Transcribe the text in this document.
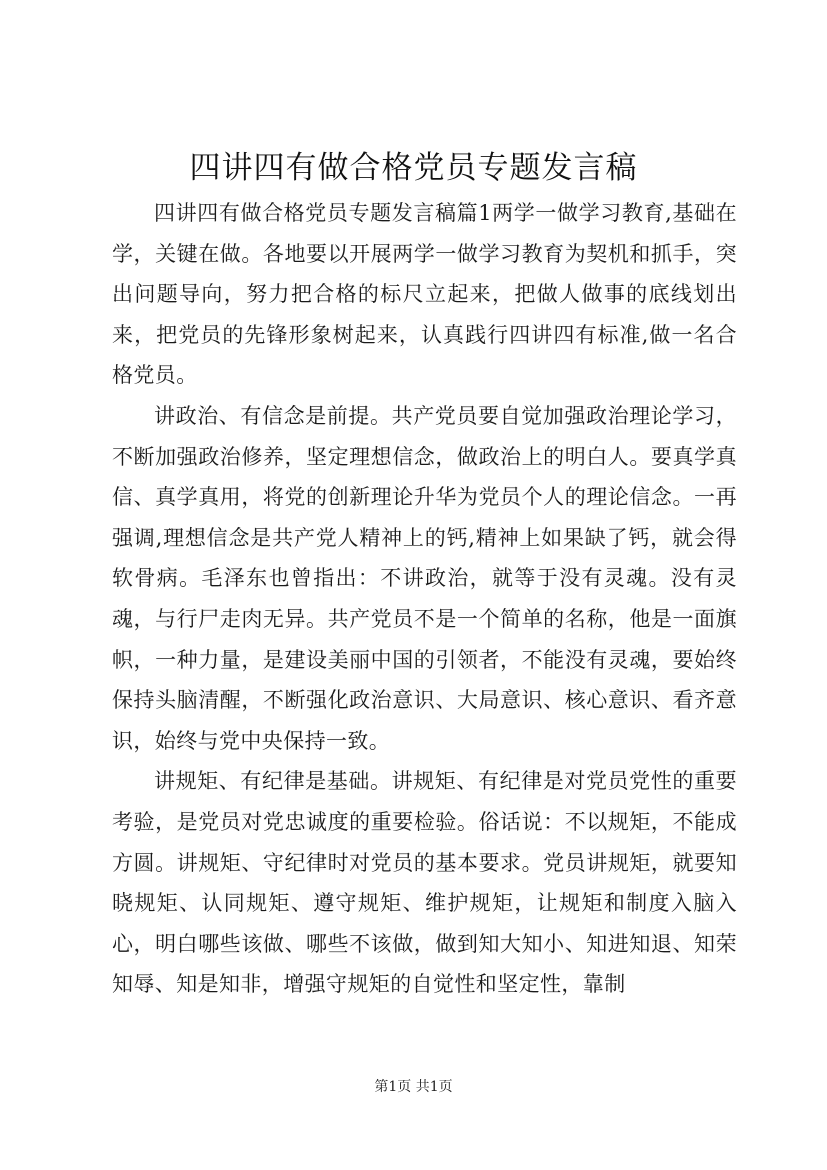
四讲四有做合格党员专题发言稿

四讲四有做合格党员专题发言稿篇1两学一做学习教育,基础在学，关键在做。各地要以开展两学一做学习教育为契机和抓手，突出问题导向，努力把合格的标尺立起来，把做人做事的底线划出来，把党员的先锋形象树起来，认真践行四讲四有标准,做一名合格党员。

讲政治、有信念是前提。共产党员要自觉加强政治理论学习，不断加强政治修养，坚定理想信念，做政治上的明白人。要真学真信、真学真用，将党的创新理论升华为党员个人的理论信念。一再强调,理想信念是共产党人精神上的钙,精神上如果缺了钙，就会得软骨病。毛泽东也曾指出：不讲政治，就等于没有灵魂。没有灵魂，与行尸走肉无异。共产党员不是一个简单的名称，他是一面旗帜，一种力量，是建设美丽中国的引领者，不能没有灵魂，要始终保持头脑清醒，不断强化政治意识、大局意识、核心意识、看齐意识，始终与党中央保持一致。

讲规矩、有纪律是基础。讲规矩、有纪律是对党员党性的重要考验，是党员对党忠诚度的重要检验。俗话说：不以规矩，不能成方圆。讲规矩、守纪律时对党员的基本要求。党员讲规矩，就要知晓规矩、认同规矩、遵守规矩、维护规矩，让规矩和制度入脑入心，明白哪些该做、哪些不该做，做到知大知小、知进知退、知荣知辱、知是知非，增强守规矩的自觉性和坚定性，靠制

第1页 共1页
